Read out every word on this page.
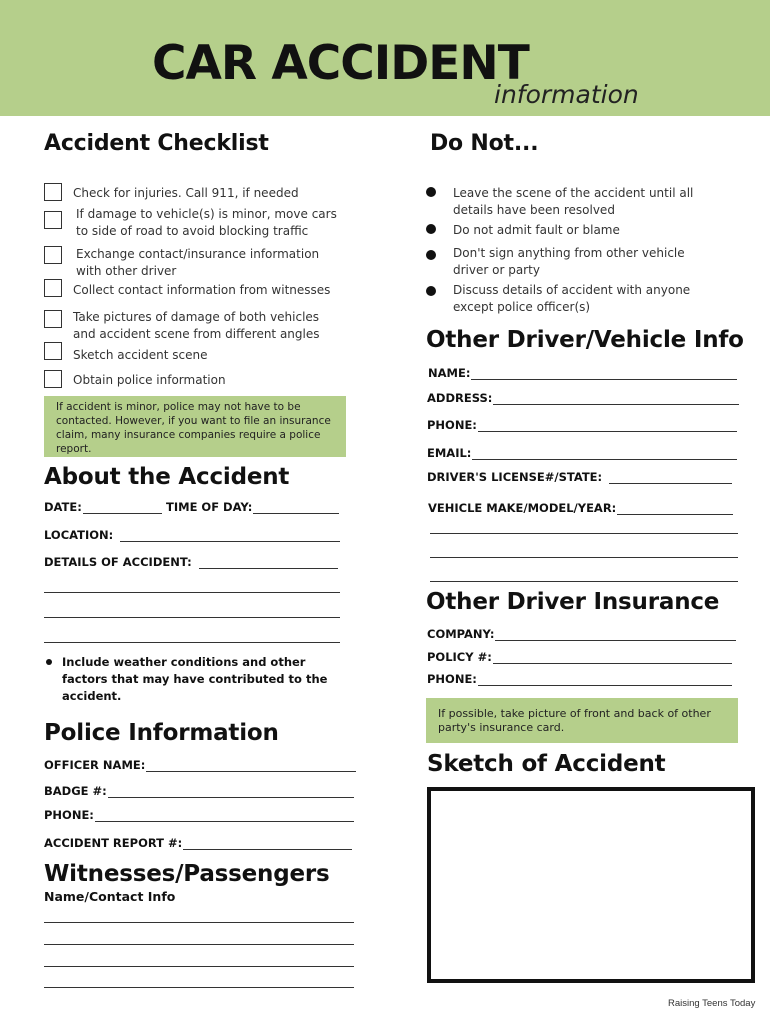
CAR ACCIDENT
information
Accident Checklist
Check for injuries. Call 911, if needed
If damage to vehicle(s) is minor, move cars to side of road to avoid blocking traffic
Exchange contact/insurance information with other driver
Collect contact information from witnesses
Take pictures of damage of both vehicles and accident scene from different angles
Sketch accident scene
Obtain police information
If accident is minor, police may not have to be contacted. However, if you want to file an insurance claim, many insurance companies require a police report.
Do Not...
Leave the scene of the accident until all details have been resolved
Do not admit fault or blame
Don't sign anything from other vehicle driver or party
Discuss details of accident with anyone except police officer(s)
Other Driver/Vehicle Info
NAME:
ADDRESS:
PHONE:
EMAIL:
DRIVER'S LICENSE#/STATE:
VEHICLE MAKE/MODEL/YEAR:
About the Accident
DATE:	TIME OF DAY:
LOCATION:
DETAILS OF ACCIDENT:
Include weather conditions and other factors that may have contributed to the accident.
Other Driver Insurance
COMPANY:
POLICY #:
PHONE:
If possible, take picture of front and back of other party's insurance card.
Police Information
OFFICER NAME:
BADGE #:
PHONE:
ACCIDENT REPORT #:
Sketch of Accident
Witnesses/Passengers
Name/Contact Info
Raising Teens Today
